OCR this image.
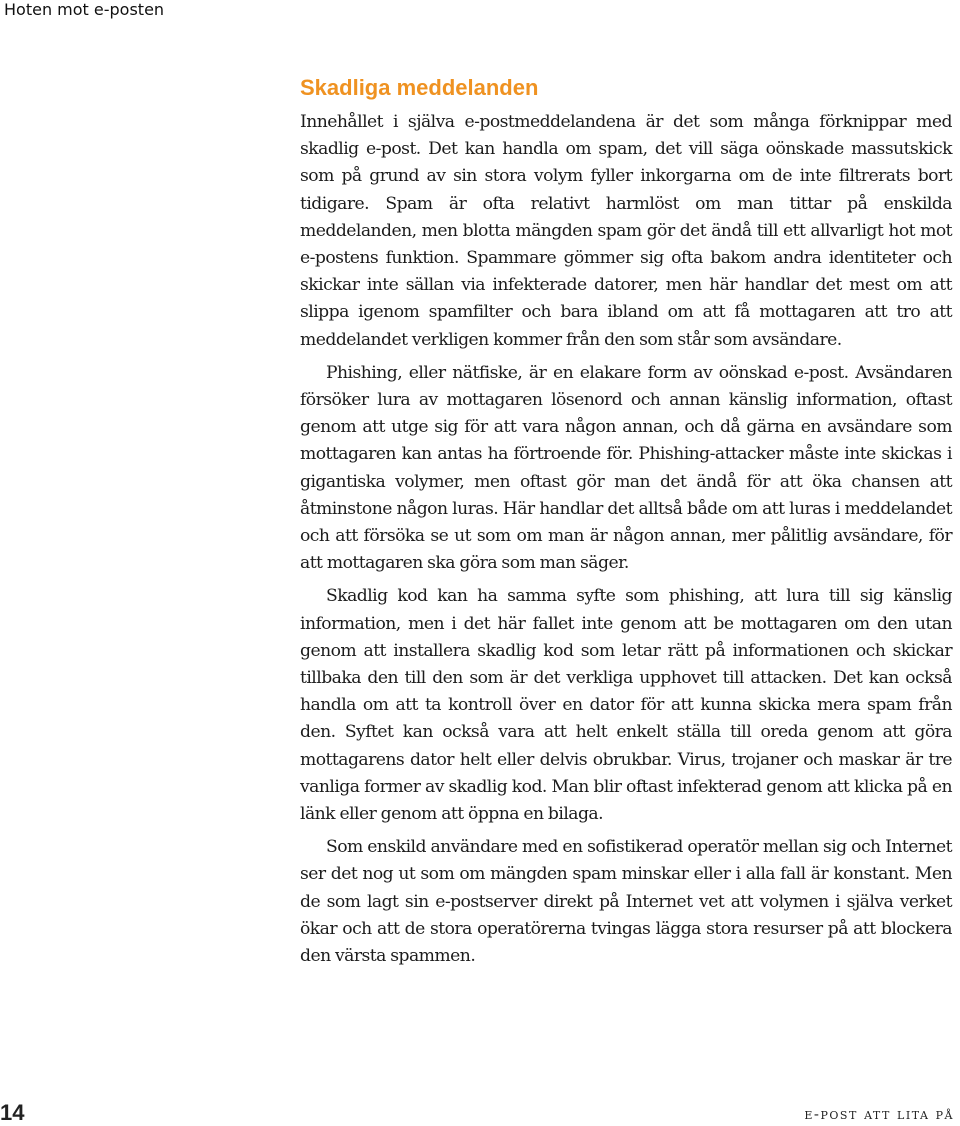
Hoten mot e-posten
Skadliga meddelanden

Innehållet i själva e-postmeddelandena är det som många förknippar med skadlig e-post. Det kan handla om spam, det vill säga oönskade massutskick som på grund av sin stora volym fyller inkorgarna om de inte filtrerats bort tidigare. Spam är ofta relativt harmlöst om man tittar på enskilda meddelanden, men blotta mängden spam gör det ändå till ett allvarligt hot mot e-postens funktion. Spammare gömmer sig ofta bakom andra identiteter och skickar inte sällan via infekterade datorer, men här handlar det mest om att slippa igenom spamfilter och bara ibland om att få mottagaren att tro att meddelandet verkligen kommer från den som står som avsändare.

Phishing, eller nätfiske, är en elakare form av oönskad e-post. Avsändaren försöker lura av mottagaren lösenord och annan känslig information, oftast genom att utge sig för att vara någon annan, och då gärna en avsändare som mottagaren kan antas ha förtroende för. Phishing-attacker måste inte skickas i gigantiska volymer, men oftast gör man det ändå för att öka chansen att åtminstone någon luras. Här handlar det alltså både om att luras i meddelandet och att försöka se ut som om man är någon annan, mer pålitlig avsändare, för att mottagaren ska göra som man säger.

Skadlig kod kan ha samma syfte som phishing, att lura till sig känslig information, men i det här fallet inte genom att be mottagaren om den utan genom att installera skadlig kod som letar rätt på informationen och skickar tillbaka den till den som är det verkliga upphovet till attacken. Det kan också handla om att ta kontroll över en dator för att kunna skicka mera spam från den. Syftet kan också vara att helt enkelt ställa till oreda genom att göra mottagarens dator helt eller delvis obrukbar. Virus, trojaner och maskar är tre vanliga former av skadlig kod. Man blir oftast infekterad genom att klicka på en länk eller genom att öppna en bilaga.

Som enskild användare med en sofistikerad operatör mellan sig och Internet ser det nog ut som om mängden spam minskar eller i alla fall är konstant. Men de som lagt sin e-postserver direkt på Internet vet att volymen i själva verket ökar och att de stora operatörerna tvingas lägga stora resurser på att blockera den värsta spammen.

14	e-post att lita på
